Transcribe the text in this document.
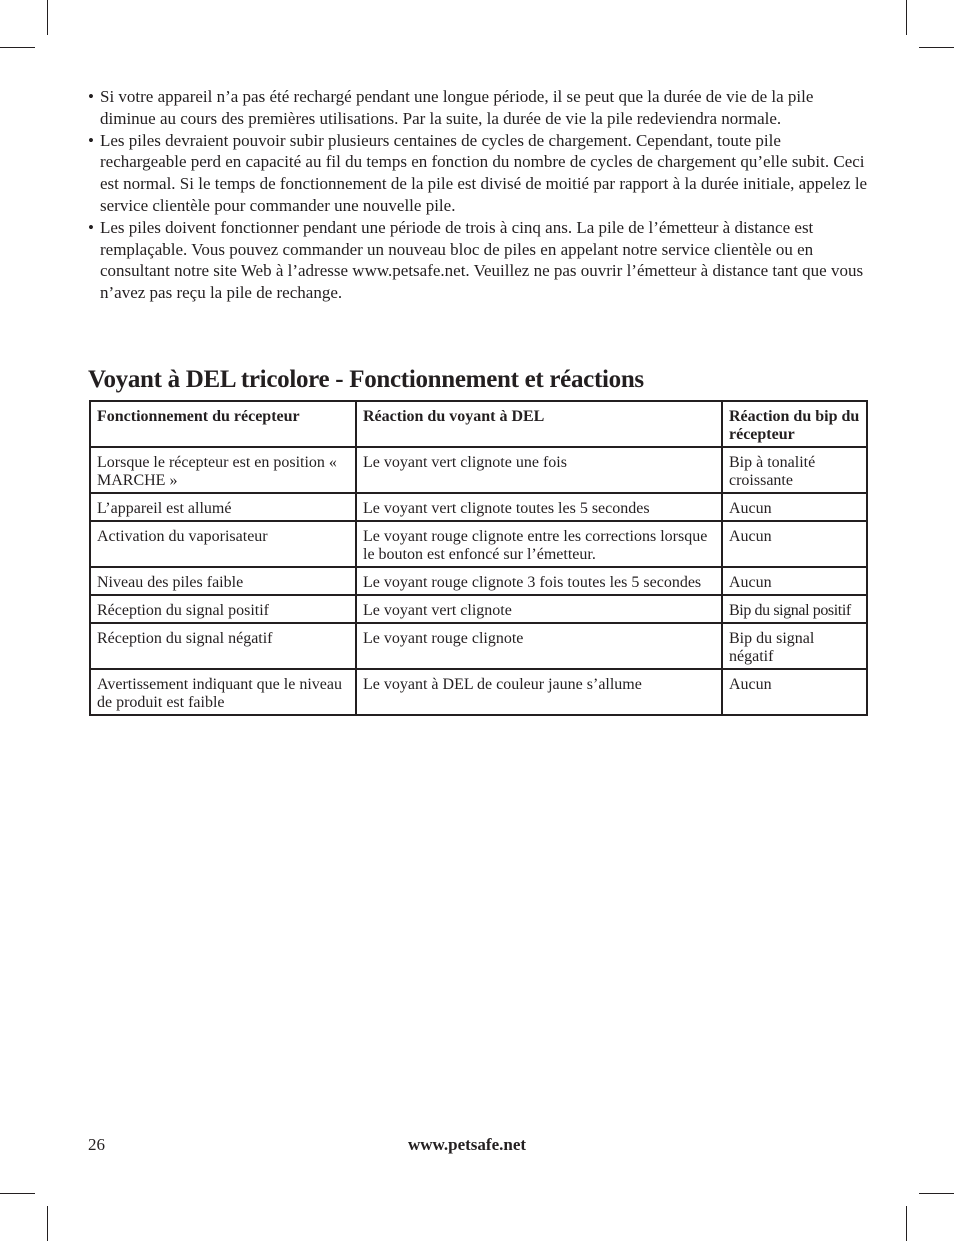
• Si votre appareil n’a pas été rechargé pendant une longue période, il se peut que la durée de vie de la pile diminue au cours des premières utilisations. Par la suite, la durée de vie la pile redeviendra normale.
• Les piles devraient pouvoir subir plusieurs centaines de cycles de chargement. Cependant, toute pile rechargeable perd en capacité au fil du temps en fonction du nombre de cycles de chargement qu’elle subit. Ceci est normal. Si le temps de fonctionnement de la pile est divisé de moitié par rapport à la durée initiale, appelez le service clientèle pour commander une nouvelle pile.
• Les piles doivent fonctionner pendant une période de trois à cinq ans. La pile de l’émetteur à distance est remplaçable. Vous pouvez commander un nouveau bloc de piles en appelant notre service clientèle ou en consultant notre site Web à l’adresse www.petsafe.net. Veuillez ne pas ouvrir l’émetteur à distance tant que vous n’avez pas reçu la pile de rechange.
Voyant à DEL tricolore - Fonctionnement et réactions
Fonctionnement du récepteur	Réaction du voyant à DEL	Réaction du bip du récepteur
Lorsque le récepteur est en position « MARCHE »	Le voyant vert clignote une fois	Bip à tonalité croissante
L’appareil est allumé	Le voyant vert clignote toutes les 5 secondes	Aucun
Activation du vaporisateur	Le voyant rouge clignote entre les corrections lorsque le bouton est enfoncé sur l’émetteur.	Aucun
Niveau des piles faible	Le voyant rouge clignote 3 fois toutes les 5 secondes	Aucun
Réception du signal positif	Le voyant vert clignote	Bip du signal positif
Réception du signal négatif	Le voyant rouge clignote	Bip du signal négatif
Avertissement indiquant que le niveau de produit est faible	Le voyant à DEL de couleur jaune s’allume	Aucun
26	www.petsafe.net
